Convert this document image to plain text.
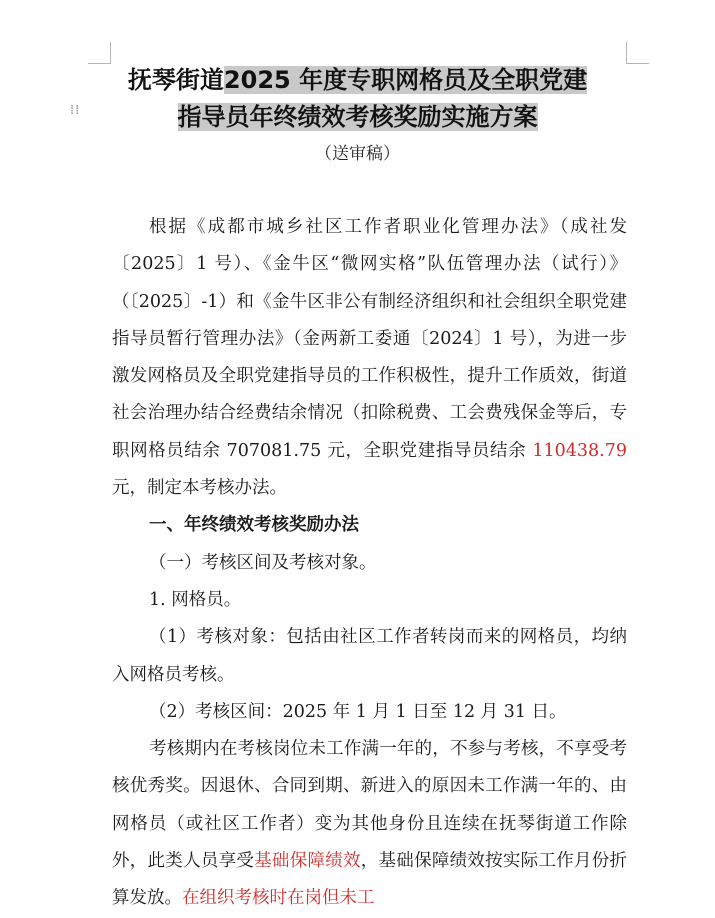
⁞⁞
抚琴街道2025 年度专职网格员及全职党建
指导员年终绩效考核奖励实施方案
（送审稿）

根据《成都市城乡社区工作者职业化管理办法》（成社发〔2025〕1 号）、《金牛区“微网实格”队伍管理办法（试行）》（〔2025〕-1）和《金牛区非公有制经济组织和社会组织全职党建指导员暂行管理办法》（金两新工委通〔2024〕1 号），为进一步激发网格员及全职党建指导员的工作积极性，提升工作质效，街道社会治理办结合经费结余情况（扣除税费、工会费残保金等后，专职网格员结余 707081.75 元，全职党建指导员结余 110438.79 元，制定本考核办法。

一、年终绩效考核奖励办法

（一）考核区间及考核对象。

1. 网格员。

（1）考核对象：包括由社区工作者转岗而来的网格员，均纳入网格员考核。

（2）考核区间：2025 年 1 月 1 日至 12 月 31 日。

考核期内在考核岗位未工作满一年的，不参与考核，不享受考核优秀奖。因退休、合同到期、新进入的原因未工作满一年的、由网格员（或社区工作者）变为其他身份且连续在抚琴街道工作除外，此类人员享受基础保障绩效，基础保障绩效按实际工作月份折算发放。在组织考核时在岗但未工
